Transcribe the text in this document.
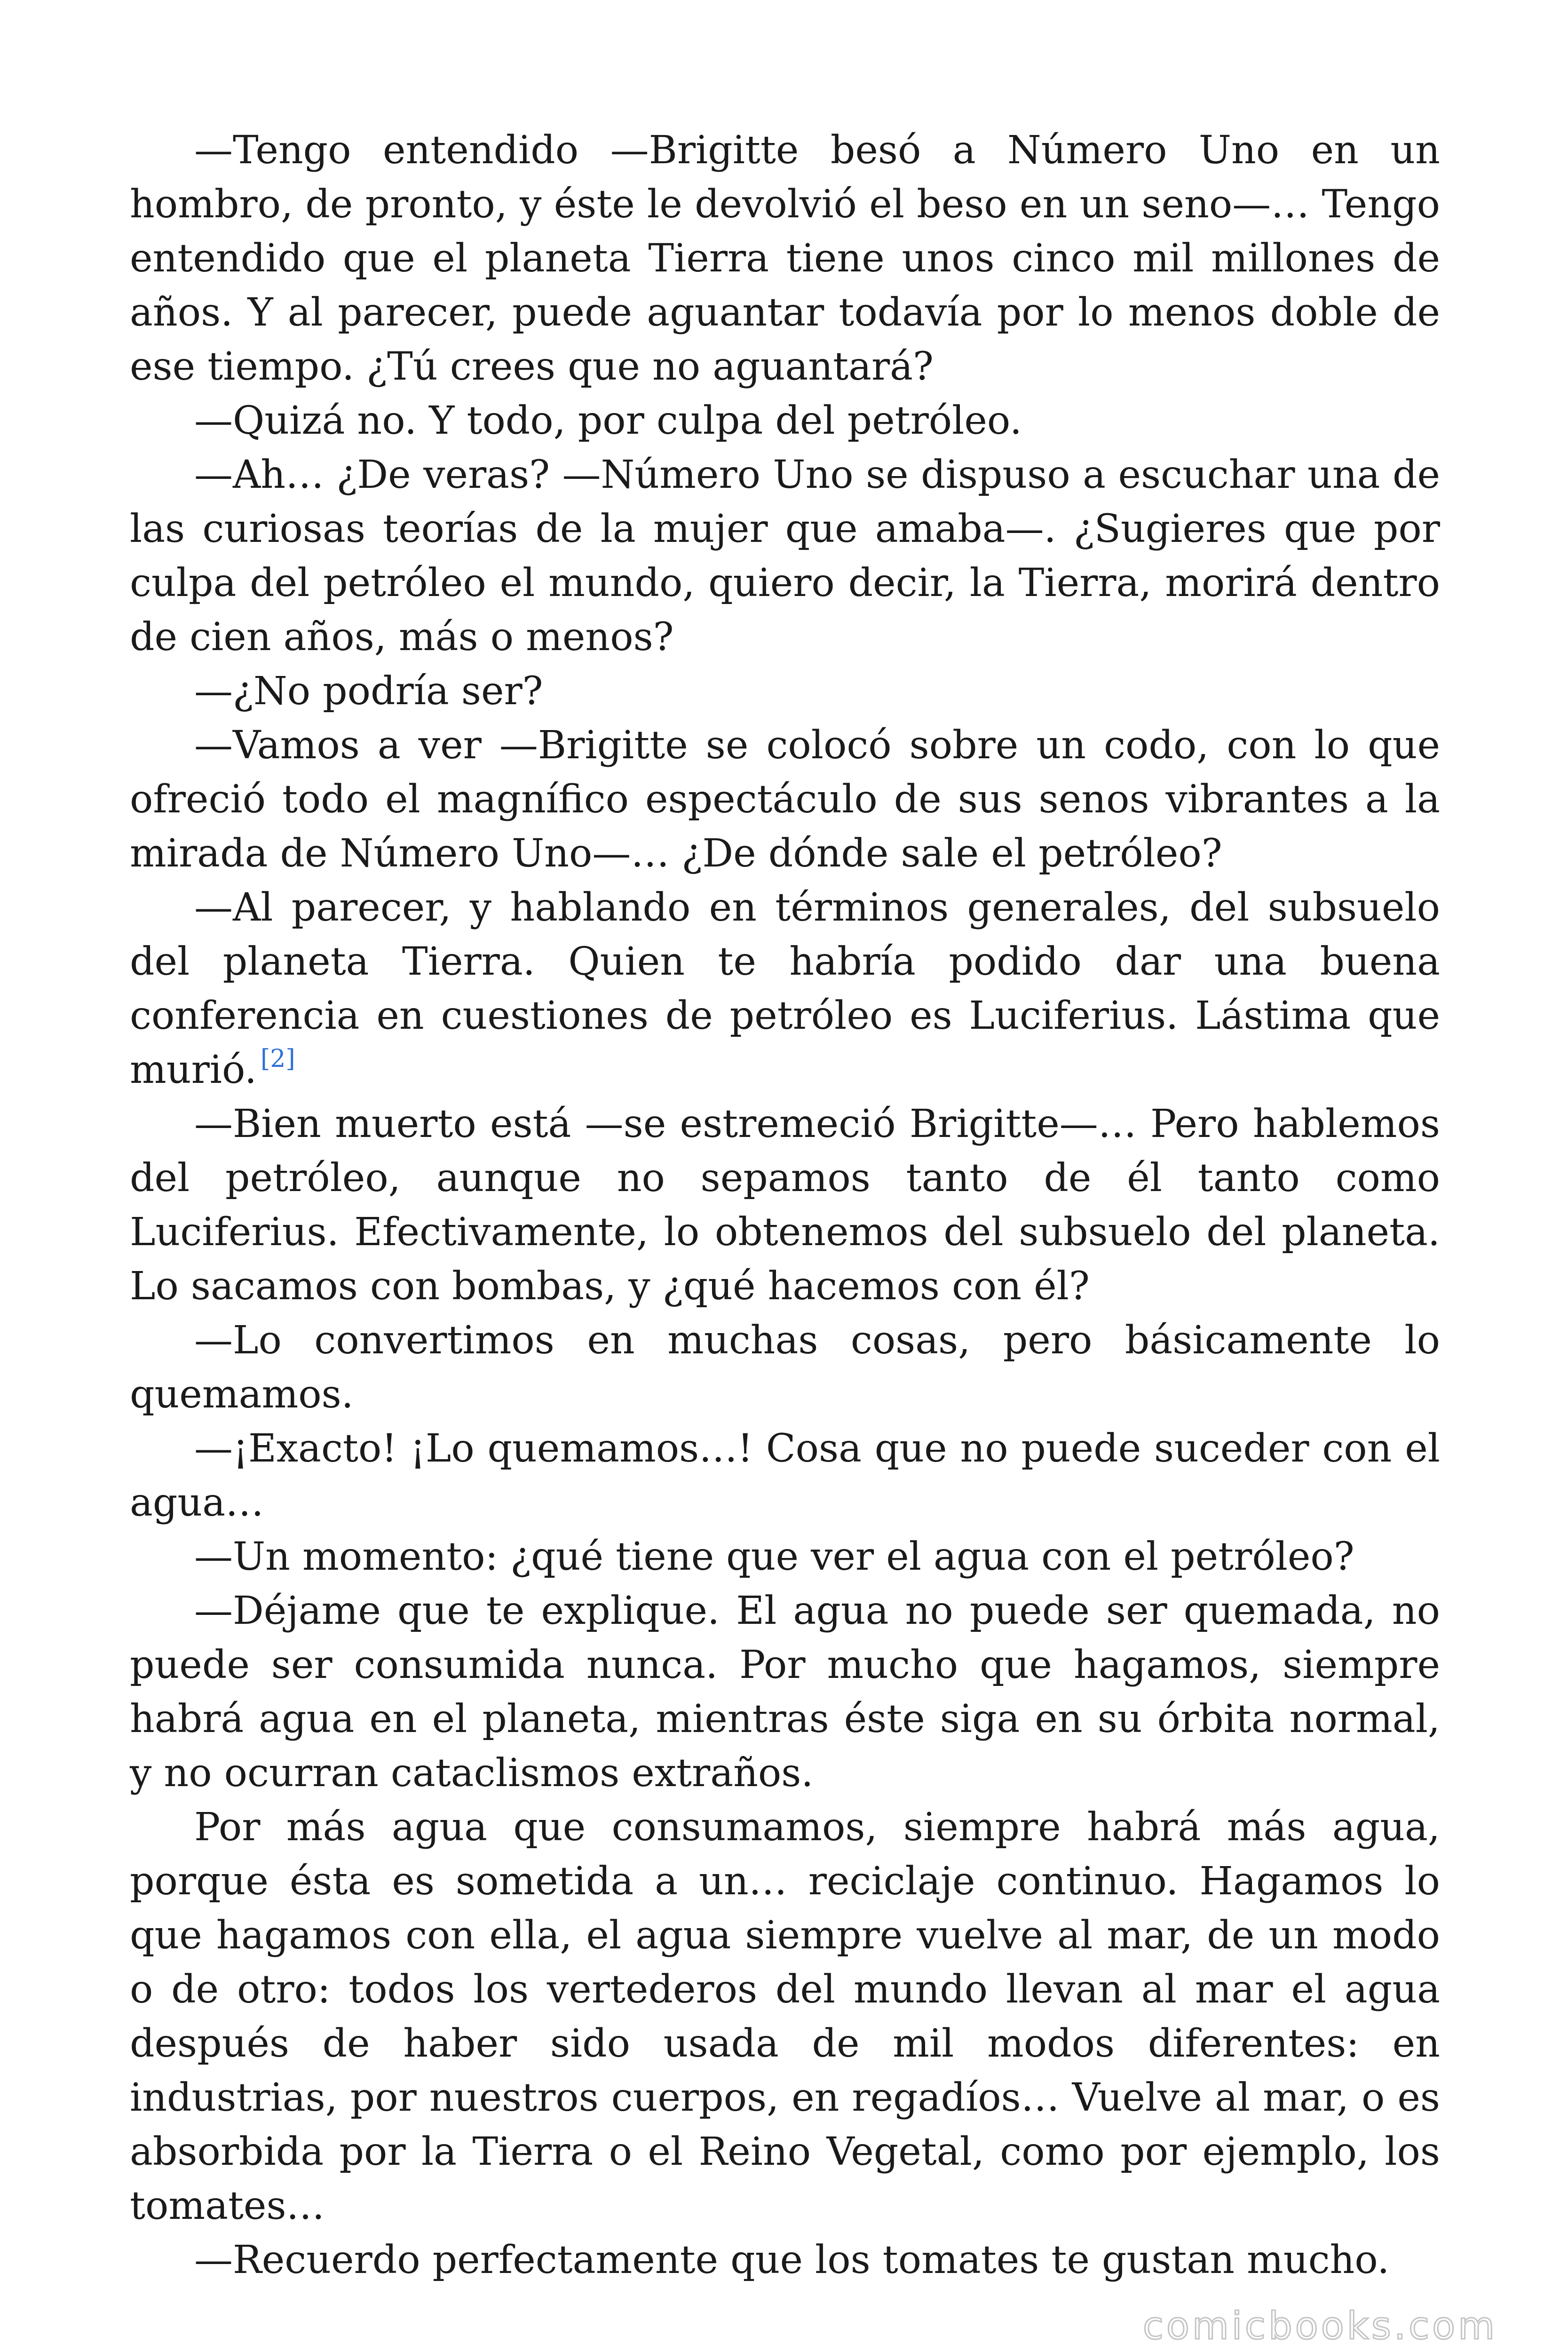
—Tengo entendido —Brigitte besó a Número Uno en un hombro, de pronto, y éste le devolvió el beso en un seno—… Tengo entendido que el planeta Tierra tiene unos cinco mil millones de años. Y al parecer, puede aguantar todavía por lo menos doble de ese tiempo. ¿Tú crees que no aguantará?

—Quizá no. Y todo, por culpa del petróleo.

—Ah… ¿De veras? —Número Uno se dispuso a escuchar una de las curiosas teorías de la mujer que amaba—. ¿Sugieres que por culpa del petróleo el mundo, quiero decir, la Tierra, morirá dentro de cien años, más o menos?

—¿No podría ser?

—Vamos a ver —Brigitte se colocó sobre un codo, con lo que ofreció todo el magnífico espectáculo de sus senos vibrantes a la mirada de Número Uno—… ¿De dónde sale el petróleo?

—Al parecer, y hablando en términos generales, del subsuelo del planeta Tierra. Quien te habría podido dar una buena conferencia en cuestiones de petróleo es Luciferius. Lástima que murió. [2]

—Bien muerto está —se estremeció Brigitte—… Pero hablemos del petróleo, aunque no sepamos tanto de él tanto como Luciferius. Efectivamente, lo obtenemos del subsuelo del planeta. Lo sacamos con bombas, y ¿qué hacemos con él?

—Lo convertimos en muchas cosas, pero básicamente lo quemamos.

—¡Exacto! ¡Lo quemamos…! Cosa que no puede suceder con el agua…

—Un momento: ¿qué tiene que ver el agua con el petróleo?

—Déjame que te explique. El agua no puede ser quemada, no puede ser consumida nunca. Por mucho que hagamos, siempre habrá agua en el planeta, mientras éste siga en su órbita normal, y no ocurran cataclismos extraños.

Por más agua que consumamos, siempre habrá más agua, porque ésta es sometida a un… reciclaje continuo. Hagamos lo que hagamos con ella, el agua siempre vuelve al mar, de un modo o de otro: todos los vertederos del mundo llevan al mar el agua después de haber sido usada de mil modos diferentes: en industrias, por nuestros cuerpos, en regadíos… Vuelve al mar, o es absorbida por la Tierra o el Reino Vegetal, como por ejemplo, los tomates…

—Recuerdo perfectamente que los tomates te gustan mucho.

comicbooks.com
